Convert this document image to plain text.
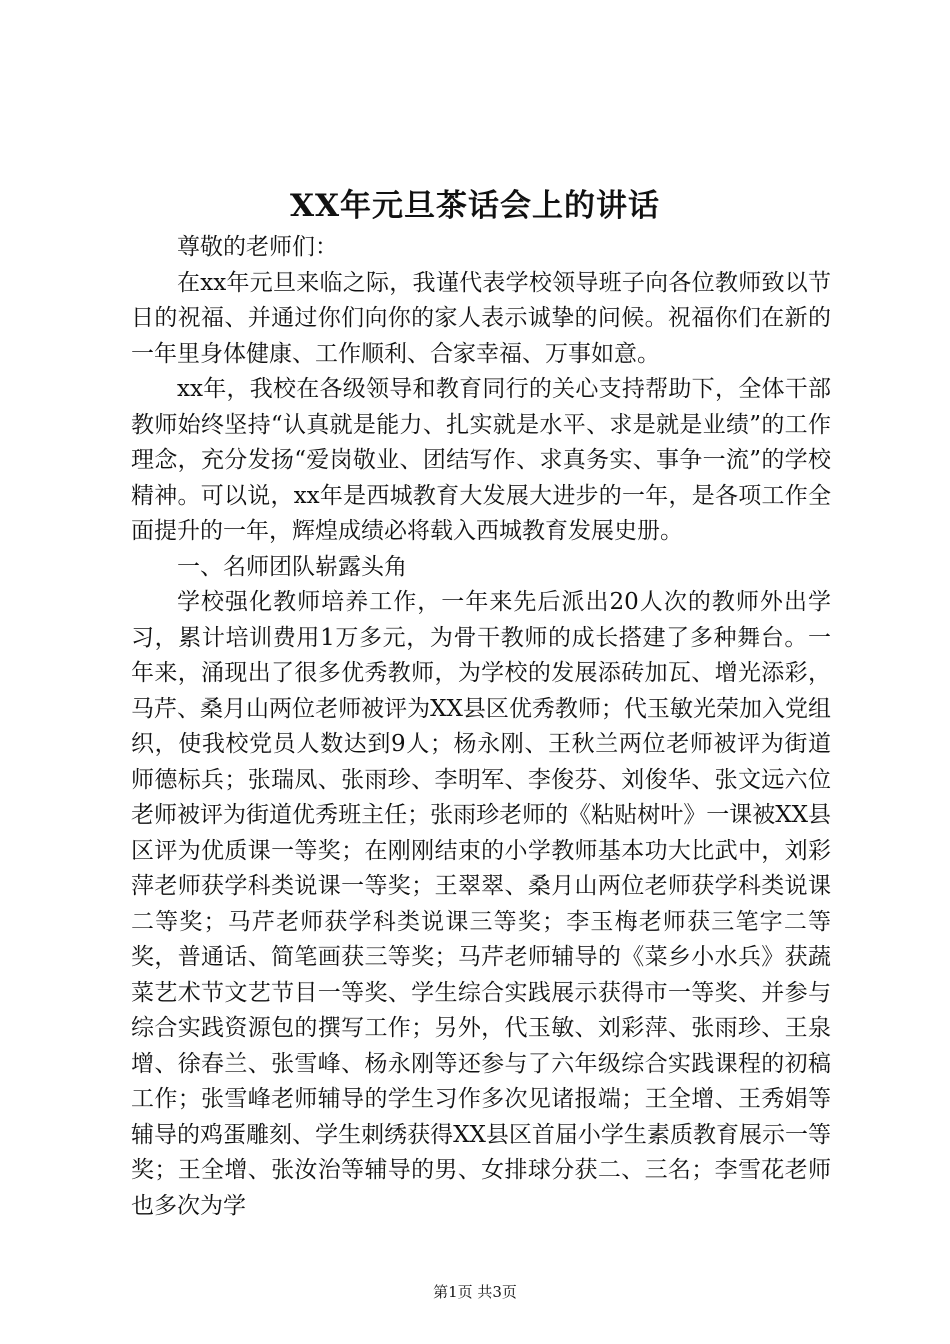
XX年元旦茶话会上的讲话

尊敬的老师们：

在xx年元旦来临之际，我谨代表学校领导班子向各位教师致以节日的祝福、并通过你们向你的家人表示诚挚的问候。祝福你们在新的一年里身体健康、工作顺利、合家幸福、万事如意。

xx年，我校在各级领导和教育同行的关心支持帮助下，全体干部教师始终坚持“认真就是能力、扎实就是水平、求是就是业绩”的工作理念，充分发扬“爱岗敬业、团结写作、求真务实、事争一流”的学校精神。可以说，xx年是西城教育大发展大进步的一年，是各项工作全面提升的一年，辉煌成绩必将载入西城教育发展史册。

一、名师团队崭露头角

学校强化教师培养工作，一年来先后派出20人次的教师外出学习，累计培训费用1万多元，为骨干教师的成长搭建了多种舞台。一年来，涌现出了很多优秀教师，为学校的发展添砖加瓦、增光添彩，马芹、桑月山两位老师被评为XX县区优秀教师；代玉敏光荣加入党组织，使我校党员人数达到9人；杨永刚、王秋兰两位老师被评为街道师德标兵；张瑞凤、张雨珍、李明军、李俊芬、刘俊华、张文远六位老师被评为街道优秀班主任；张雨珍老师的《粘贴树叶》一课被XX县区评为优质课一等奖；在刚刚结束的小学教师基本功大比武中，刘彩萍老师获学科类说课一等奖；王翠翠、桑月山两位老师获学科类说课二等奖；马芹老师获学科类说课三等奖；李玉梅老师获三笔字二等奖，普通话、简笔画获三等奖；马芹老师辅导的《菜乡小水兵》获蔬菜艺术节文艺节目一等奖、学生综合实践展示获得市一等奖、并参与综合实践资源包的撰写工作；另外，代玉敏、刘彩萍、张雨珍、王泉增、徐春兰、张雪峰、杨永刚等还参与了六年级综合实践课程的初稿工作；张雪峰老师辅导的学生习作多次见诸报端；王全增、王秀娟等辅导的鸡蛋雕刻、学生刺绣获得XX县区首届小学生素质教育展示一等奖；王全增、张汝治等辅导的男、女排球分获二、三名；李雪花老师也多次为学

第1页 共3页
